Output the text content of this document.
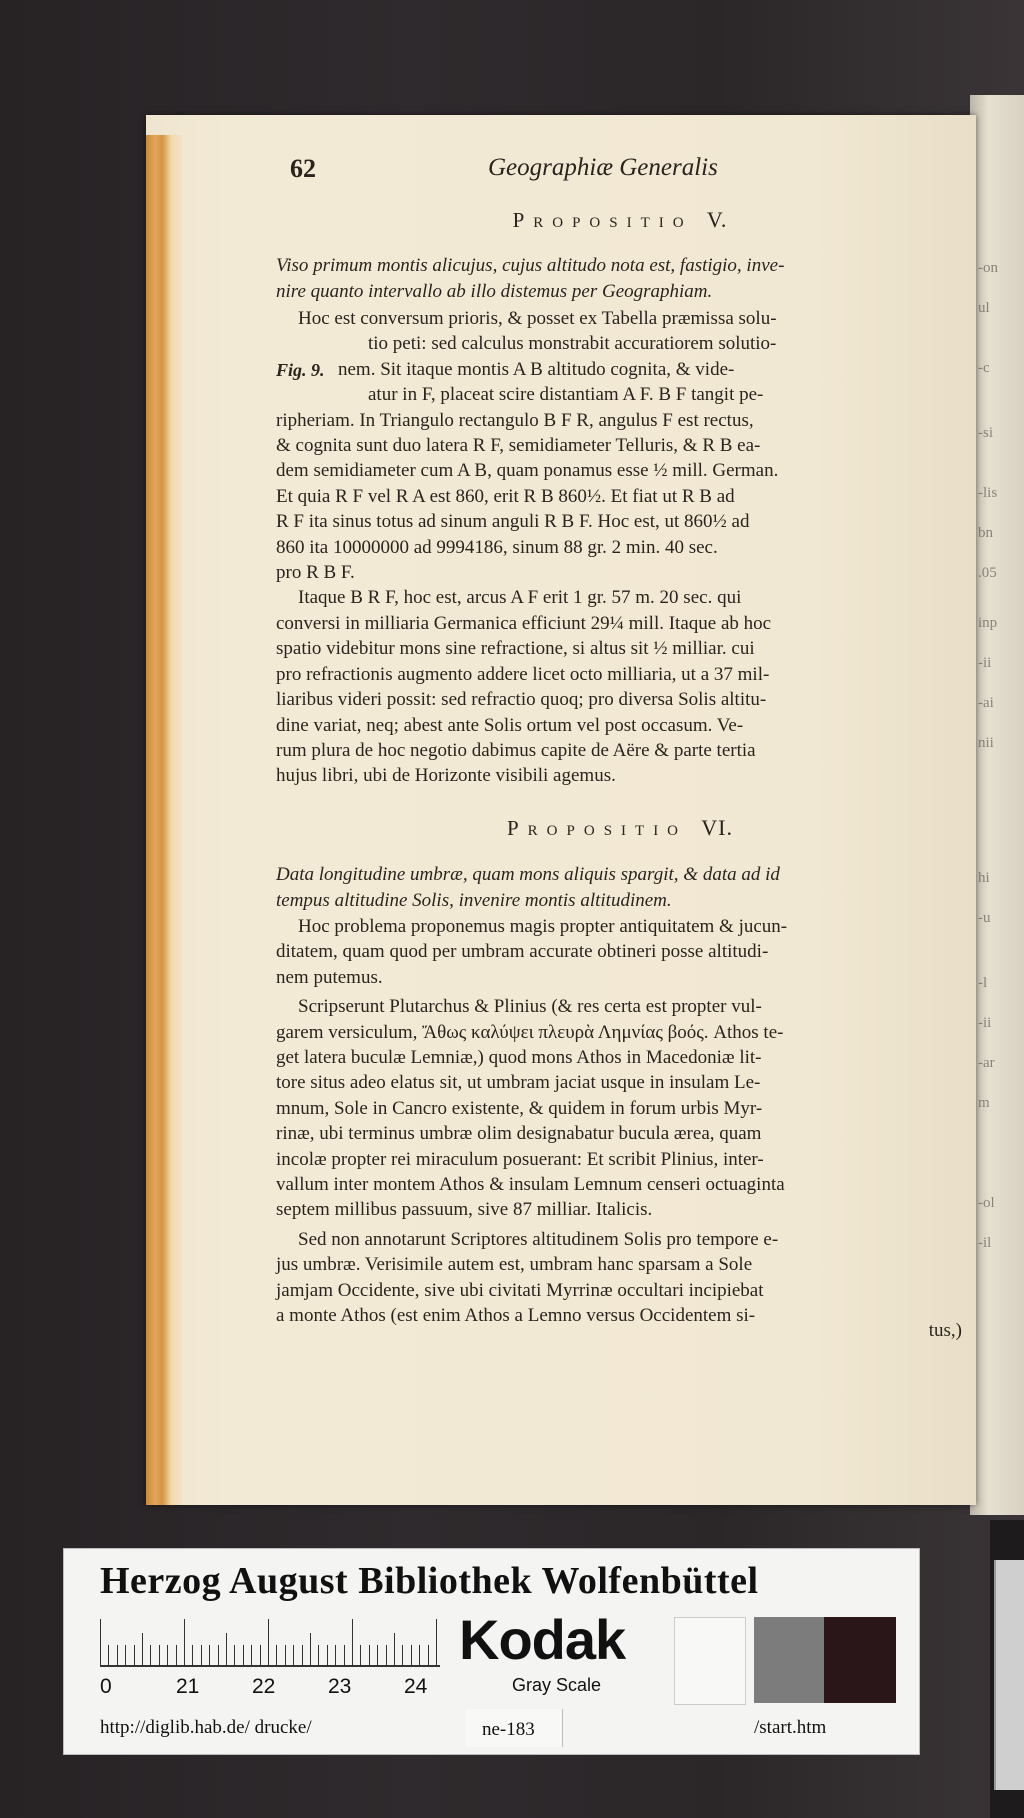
-on
ul
-c
-si
-lis
bn
.05
inp
-ii
-ai
nii
hi
-u
-l
-ii
-ar
m
-ol
-il
62	Geographiæ Generalis
Propositio V.
Viso primum montis alicujus, cujus altitudo nota est, fastigio, inve-
nire quanto intervallo ab illo distemus per Geographiam.
Hoc est conversum prioris, & posset ex Tabella præmissa solu-
tio peti: sed calculus monstrabit accuratiorem solutio-
nem. Sit itaque montis A B altitudo cognita, & vide-
atur in F, placeat scire distantiam A F. B F tangit pe-
ripheriam. In Triangulo rectangulo B F R, angulus F est rectus,
& cognita sunt duo latera R F, semidiameter Telluris, & R B ea-
dem semidiameter cum A B, quam ponamus esse ½ mill. German.
Et quia R F vel R A est 860, erit R B 860½. Et fiat ut R B ad
R F ita sinus totus ad sinum anguli R B F. Hoc est, ut 860½ ad
860 ita 10000000 ad 9994186, sinum 88 gr. 2 min. 40 sec.
pro R B F.
Itaque B R F, hoc est, arcus A F erit 1 gr. 57 m. 20 sec. qui
conversi in milliaria Germanica efficiunt 29¼ mill. Itaque ab hoc
spatio videbitur mons sine refractione, si altus sit ½ milliar. cui
pro refractionis augmento addere licet octo milliaria, ut a 37 mil-
liaribus videri possit: sed refractio quoq; pro diversa Solis altitu-
dine variat, neq; abest ante Solis ortum vel post occasum. Ve-
rum plura de hoc negotio dabimus capite de Aëre & parte tertia
hujus libri, ubi de Horizonte visibili agemus.
Fig. 9.
Propositio VI.
Data longitudine umbræ, quam mons aliquis spargit, & data ad id
tempus altitudine Solis, invenire montis altitudinem.
Hoc problema proponemus magis propter antiquitatem & jucun-
ditatem, quam quod per umbram accurate obtineri posse altitudi-
nem putemus.
Scripserunt Plutarchus & Plinius (& res certa est propter vul-
garem versiculum, Ἄθως καλύψει πλευρὰ Λημνίας βοός. Athos te-
get latera buculæ Lemniæ,) quod mons Athos in Macedoniæ lit-
tore situs adeo elatus sit, ut umbram jaciat usque in insulam Le-
mnum, Sole in Cancro existente, & quidem in forum urbis Myr-
rinæ, ubi terminus umbræ olim designabatur bucula ærea, quam
incolæ propter rei miraculum posuerant: Et scribit Plinius, inter-
vallum inter montem Athos & insulam Lemnum censeri octuaginta
septem millibus passuum, sive 87 milliar. Italicis.
Sed non annotarunt Scriptores altitudinem Solis pro tempore e-
jus umbræ. Verisimile autem est, umbram hanc sparsam a Sole
jamjam Occidente, sive ubi civitati Myrrinæ occultari incipiebat
a monte Athos (est enim Athos a Lemno versus Occidentem si-
tus,)
Herzog August Bibliothek Wolfenbüttel
0	21	22	23	24
Kodak
Gray Scale
http://diglib.hab.de/ drucke/	ne-183	/start.htm
